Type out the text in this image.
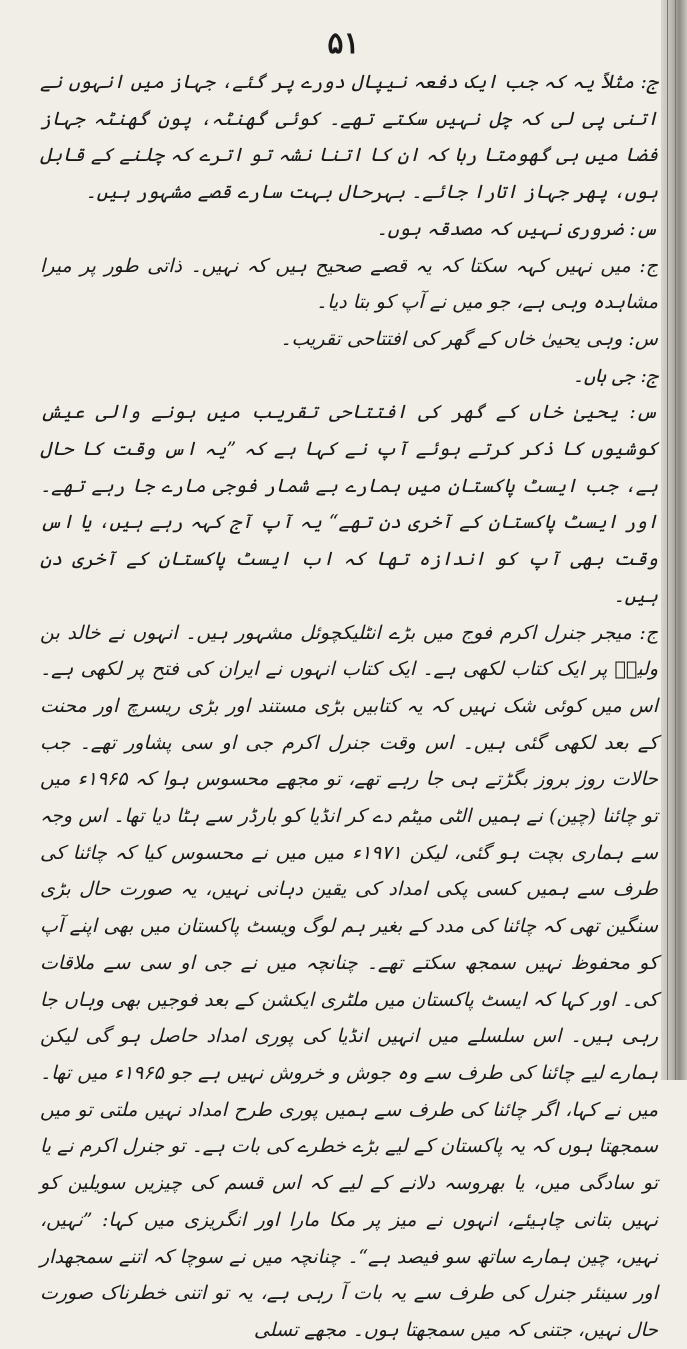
۵۱

ج: مثلاً یہ کہ جب ایک دفعہ نیپال دورے پر گئے، جہاز میں انہوں نے اتنی پی لی کہ چل نہیں سکتے تھے۔ کوئی گھنٹہ، پون گھنٹہ جہاز فضا میں ہی گھومتا رہا کہ ان کا اتنا نشہ تو اترے کہ چلنے کے قابل ہوں، پھر جہاز اتارا جائے۔ بہرحال بہت سارے قصے مشہور ہیں۔

س: ضروری نہیں کہ مصدقہ ہوں۔

ج: میں نہیں کہہ سکتا کہ یہ قصے صحیح ہیں کہ نہیں۔ ذاتی طور پر میرا مشاہدہ وہی ہے، جو میں نے آپ کو بتا دیا۔

س: وہی یحییٰ خاں کے گھر کی افتتاحی تقریب۔

ج: جی ہاں۔

س: یحییٰ خاں کے گھر کی افتتاحی تقریب میں ہونے والی عیش کوشیوں کا ذکر کرتے ہوئے آپ نے کہا ہے کہ ”یہ اس وقت کا حال ہے، جب ایسٹ پاکستان میں ہمارے بے شمار فوجی مارے جا رہے تھے۔ اور ایسٹ پاکستان کے آخری دن تھے“ یہ آپ آج کہہ رہے ہیں، یا اس وقت بھی آپ کو اندازہ تھا کہ اب ایسٹ پاکستان کے آخری دن ہیں۔

ج: میجر جنرل اکرم فوج میں بڑے انٹلیکچوئل مشہور ہیں۔ انہوں نے خالد بن ولیدؓ پر ایک کتاب لکھی ہے۔ ایک کتاب انہوں نے ایران کی فتح پر لکھی ہے۔ اس میں کوئی شک نہیں کہ یہ کتابیں بڑی مستند اور بڑی ریسرچ اور محنت کے بعد لکھی گئی ہیں۔ اس وقت جنرل اکرم جی او سی پشاور تھے۔ جب حالات روز بروز بگڑتے ہی جا رہے تھے، تو مجھے محسوس ہوا کہ ۱۹۶۵ء میں تو چائنا (چین) نے ہمیں الٹی میٹم دے کر انڈیا کو بارڈر سے ہٹا دیا تھا۔ اس وجہ سے ہماری بچت ہو گئی، لیکن ۱۹۷۱ء میں میں نے محسوس کیا کہ چائنا کی طرف سے ہمیں کسی پکی امداد کی یقین دہانی نہیں، یہ صورت حال بڑی سنگین تھی کہ چائنا کی مدد کے بغیر ہم لوگ ویسٹ پاکستان میں بھی اپنے آپ کو محفوظ نہیں سمجھ سکتے تھے۔ چنانچہ میں نے جی او سی سے ملاقات کی۔ اور کہا کہ ایسٹ پاکستان میں ملٹری ایکشن کے بعد فوجیں بھی وہاں جا رہی ہیں۔ اس سلسلے میں انہیں انڈیا کی پوری امداد حاصل ہو گی لیکن ہمارے لیے چائنا کی طرف سے وہ جوش و خروش نہیں ہے جو ۱۹۶۵ء میں تھا۔ میں نے کہا، اگر چائنا کی طرف سے ہمیں پوری طرح امداد نہیں ملتی تو میں سمجھتا ہوں کہ یہ پاکستان کے لیے بڑے خطرے کی بات ہے۔ تو جنرل اکرم نے یا تو سادگی میں، یا بھروسہ دلانے کے لیے کہ اس قسم کی چیزیں سویلین کو نہیں بتانی چاہیئے، انہوں نے میز پر مکا مارا اور انگریزی میں کہا: ”نہیں، نہیں، چین ہمارے ساتھ سو فیصد ہے“۔ چنانچہ میں نے سوچا کہ اتنے سمجھدار اور سینئر جنرل کی طرف سے یہ بات آ رہی ہے، یہ تو اتنی خطرناک صورت حال نہیں، جتنی کہ میں سمجھتا ہوں۔ مجھے تسلی
